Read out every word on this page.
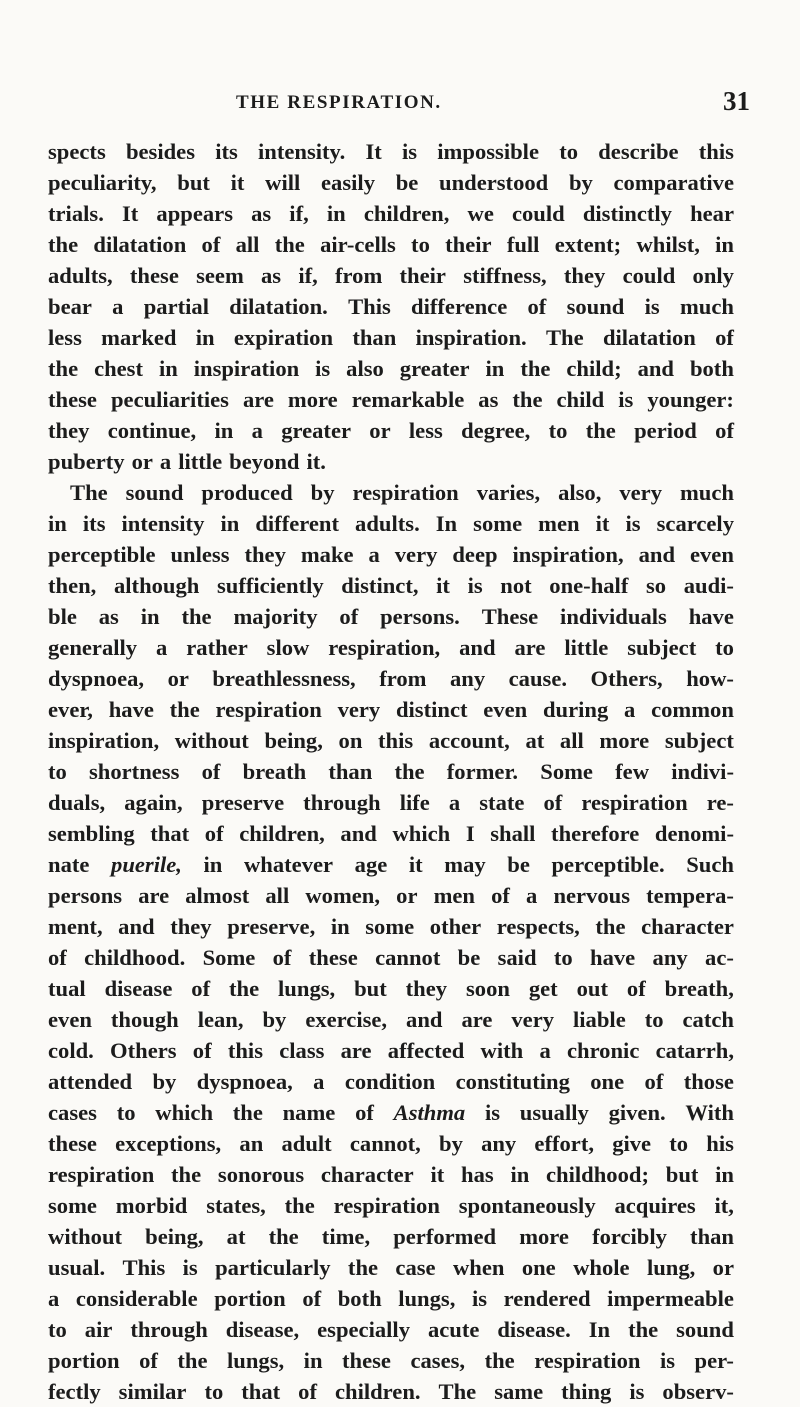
THE RESPIRATION.	31
spects besides its intensity. It is impossible to describe this
peculiarity, but it will easily be understood by comparative
trials. It appears as if, in children, we could distinctly hear
the dilatation of all the air-cells to their full extent; whilst, in
adults, these seem as if, from their stiffness, they could only
bear a partial dilatation. This difference of sound is much
less marked in expiration than inspiration. The dilatation of
the chest in inspiration is also greater in the child; and both
these peculiarities are more remarkable as the child is younger:
they continue, in a greater or less degree, to the period of
puberty or a little beyond it.
The sound produced by respiration varies, also, very much
in its intensity in different adults. In some men it is scarcely
perceptible unless they make a very deep inspiration, and even
then, although sufficiently distinct, it is not one-half so audi-
ble as in the majority of persons. These individuals have
generally a rather slow respiration, and are little subject to
dyspnoea, or breathlessness, from any cause. Others, how-
ever, have the respiration very distinct even during a common
inspiration, without being, on this account, at all more subject
to shortness of breath than the former. Some few indivi-
duals, again, preserve through life a state of respiration re-
sembling that of children, and which I shall therefore denomi-
nate puerile, in whatever age it may be perceptible. Such
persons are almost all women, or men of a nervous tempera-
ment, and they preserve, in some other respects, the character
of childhood. Some of these cannot be said to have any ac-
tual disease of the lungs, but they soon get out of breath,
even though lean, by exercise, and are very liable to catch
cold. Others of this class are affected with a chronic catarrh,
attended by dyspnoea, a condition constituting one of those
cases to which the name of Asthma is usually given. With
these exceptions, an adult cannot, by any effort, give to his
respiration the sonorous character it has in childhood; but in
some morbid states, the respiration spontaneously acquires it,
without being, at the time, performed more forcibly than
usual. This is particularly the case when one whole lung, or
a considerable portion of both lungs, is rendered impermeable
to air through disease, especially acute disease. In the sound
portion of the lungs, in these cases, the respiration is per-
fectly similar to that of children. The same thing is observ-
